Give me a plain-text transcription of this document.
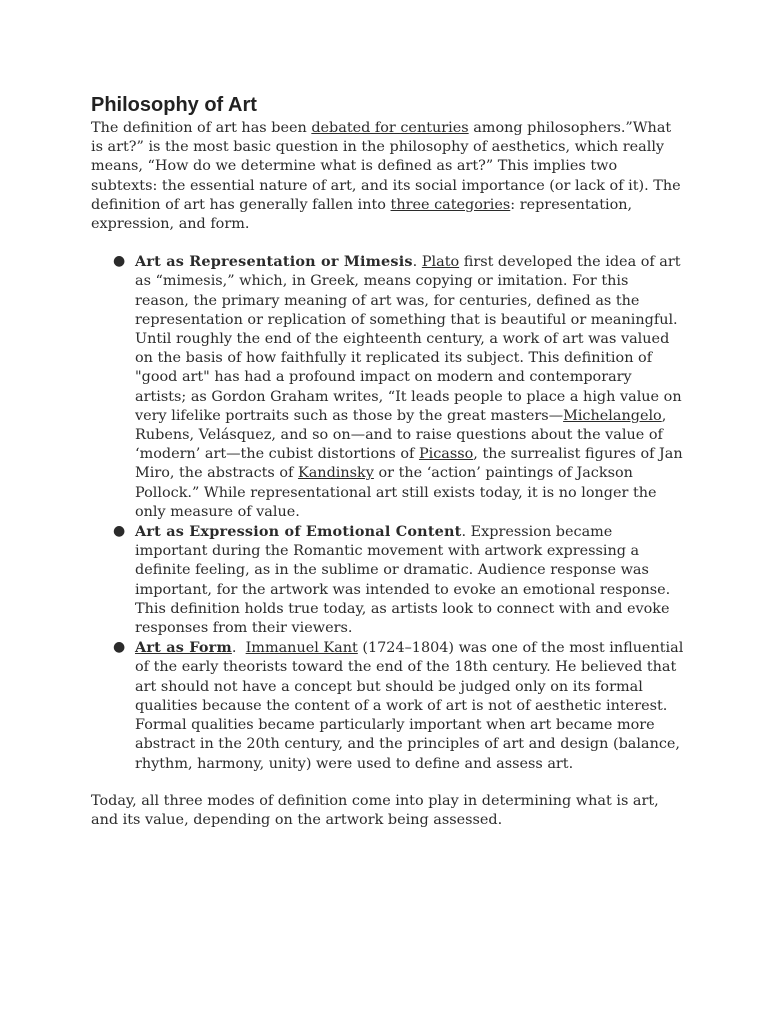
Philosophy of Art

The definition of art has been debated for centuries among philosophers.”What is art?” is the most basic question in the philosophy of aesthetics, which really means, “How do we determine what is defined as art?” This implies two subtexts: the essential nature of art, and its social importance (or lack of it). The definition of art has generally fallen into three categories: representation, expression, and form.

● Art as Representation or Mimesis. Plato first developed the idea of art as “mimesis,” which, in Greek, means copying or imitation. For this reason, the primary meaning of art was, for centuries, defined as the representation or replication of something that is beautiful or meaningful. Until roughly the end of the eighteenth century, a work of art was valued on the basis of how faithfully it replicated its subject. This definition of "good art" has had a profound impact on modern and contemporary artists; as Gordon Graham writes, “It leads people to place a high value on very lifelike portraits such as those by the great masters—Michelangelo, Rubens, Velásquez, and so on—and to raise questions about the value of ‘modern’ art—the cubist distortions of Picasso, the surrealist figures of Jan Miro, the abstracts of Kandinsky or the ‘action’ paintings of Jackson Pollock.” While representational art still exists today, it is no longer the only measure of value.
● Art as Expression of Emotional Content. Expression became important during the Romantic movement with artwork expressing a definite feeling, as in the sublime or dramatic. Audience response was important, for the artwork was intended to evoke an emotional response. This definition holds true today, as artists look to connect with and evoke responses from their viewers.
● Art as Form.  Immanuel Kant (1724–1804) was one of the most influential of the early theorists toward the end of the 18th century. He believed that art should not have a concept but should be judged only on its formal qualities because the content of a work of art is not of aesthetic interest. Formal qualities became particularly important when art became more abstract in the 20th century, and the principles of art and design (balance, rhythm, harmony, unity) were used to define and assess art.

Today, all three modes of definition come into play in determining what is art, and its value, depending on the artwork being assessed.
